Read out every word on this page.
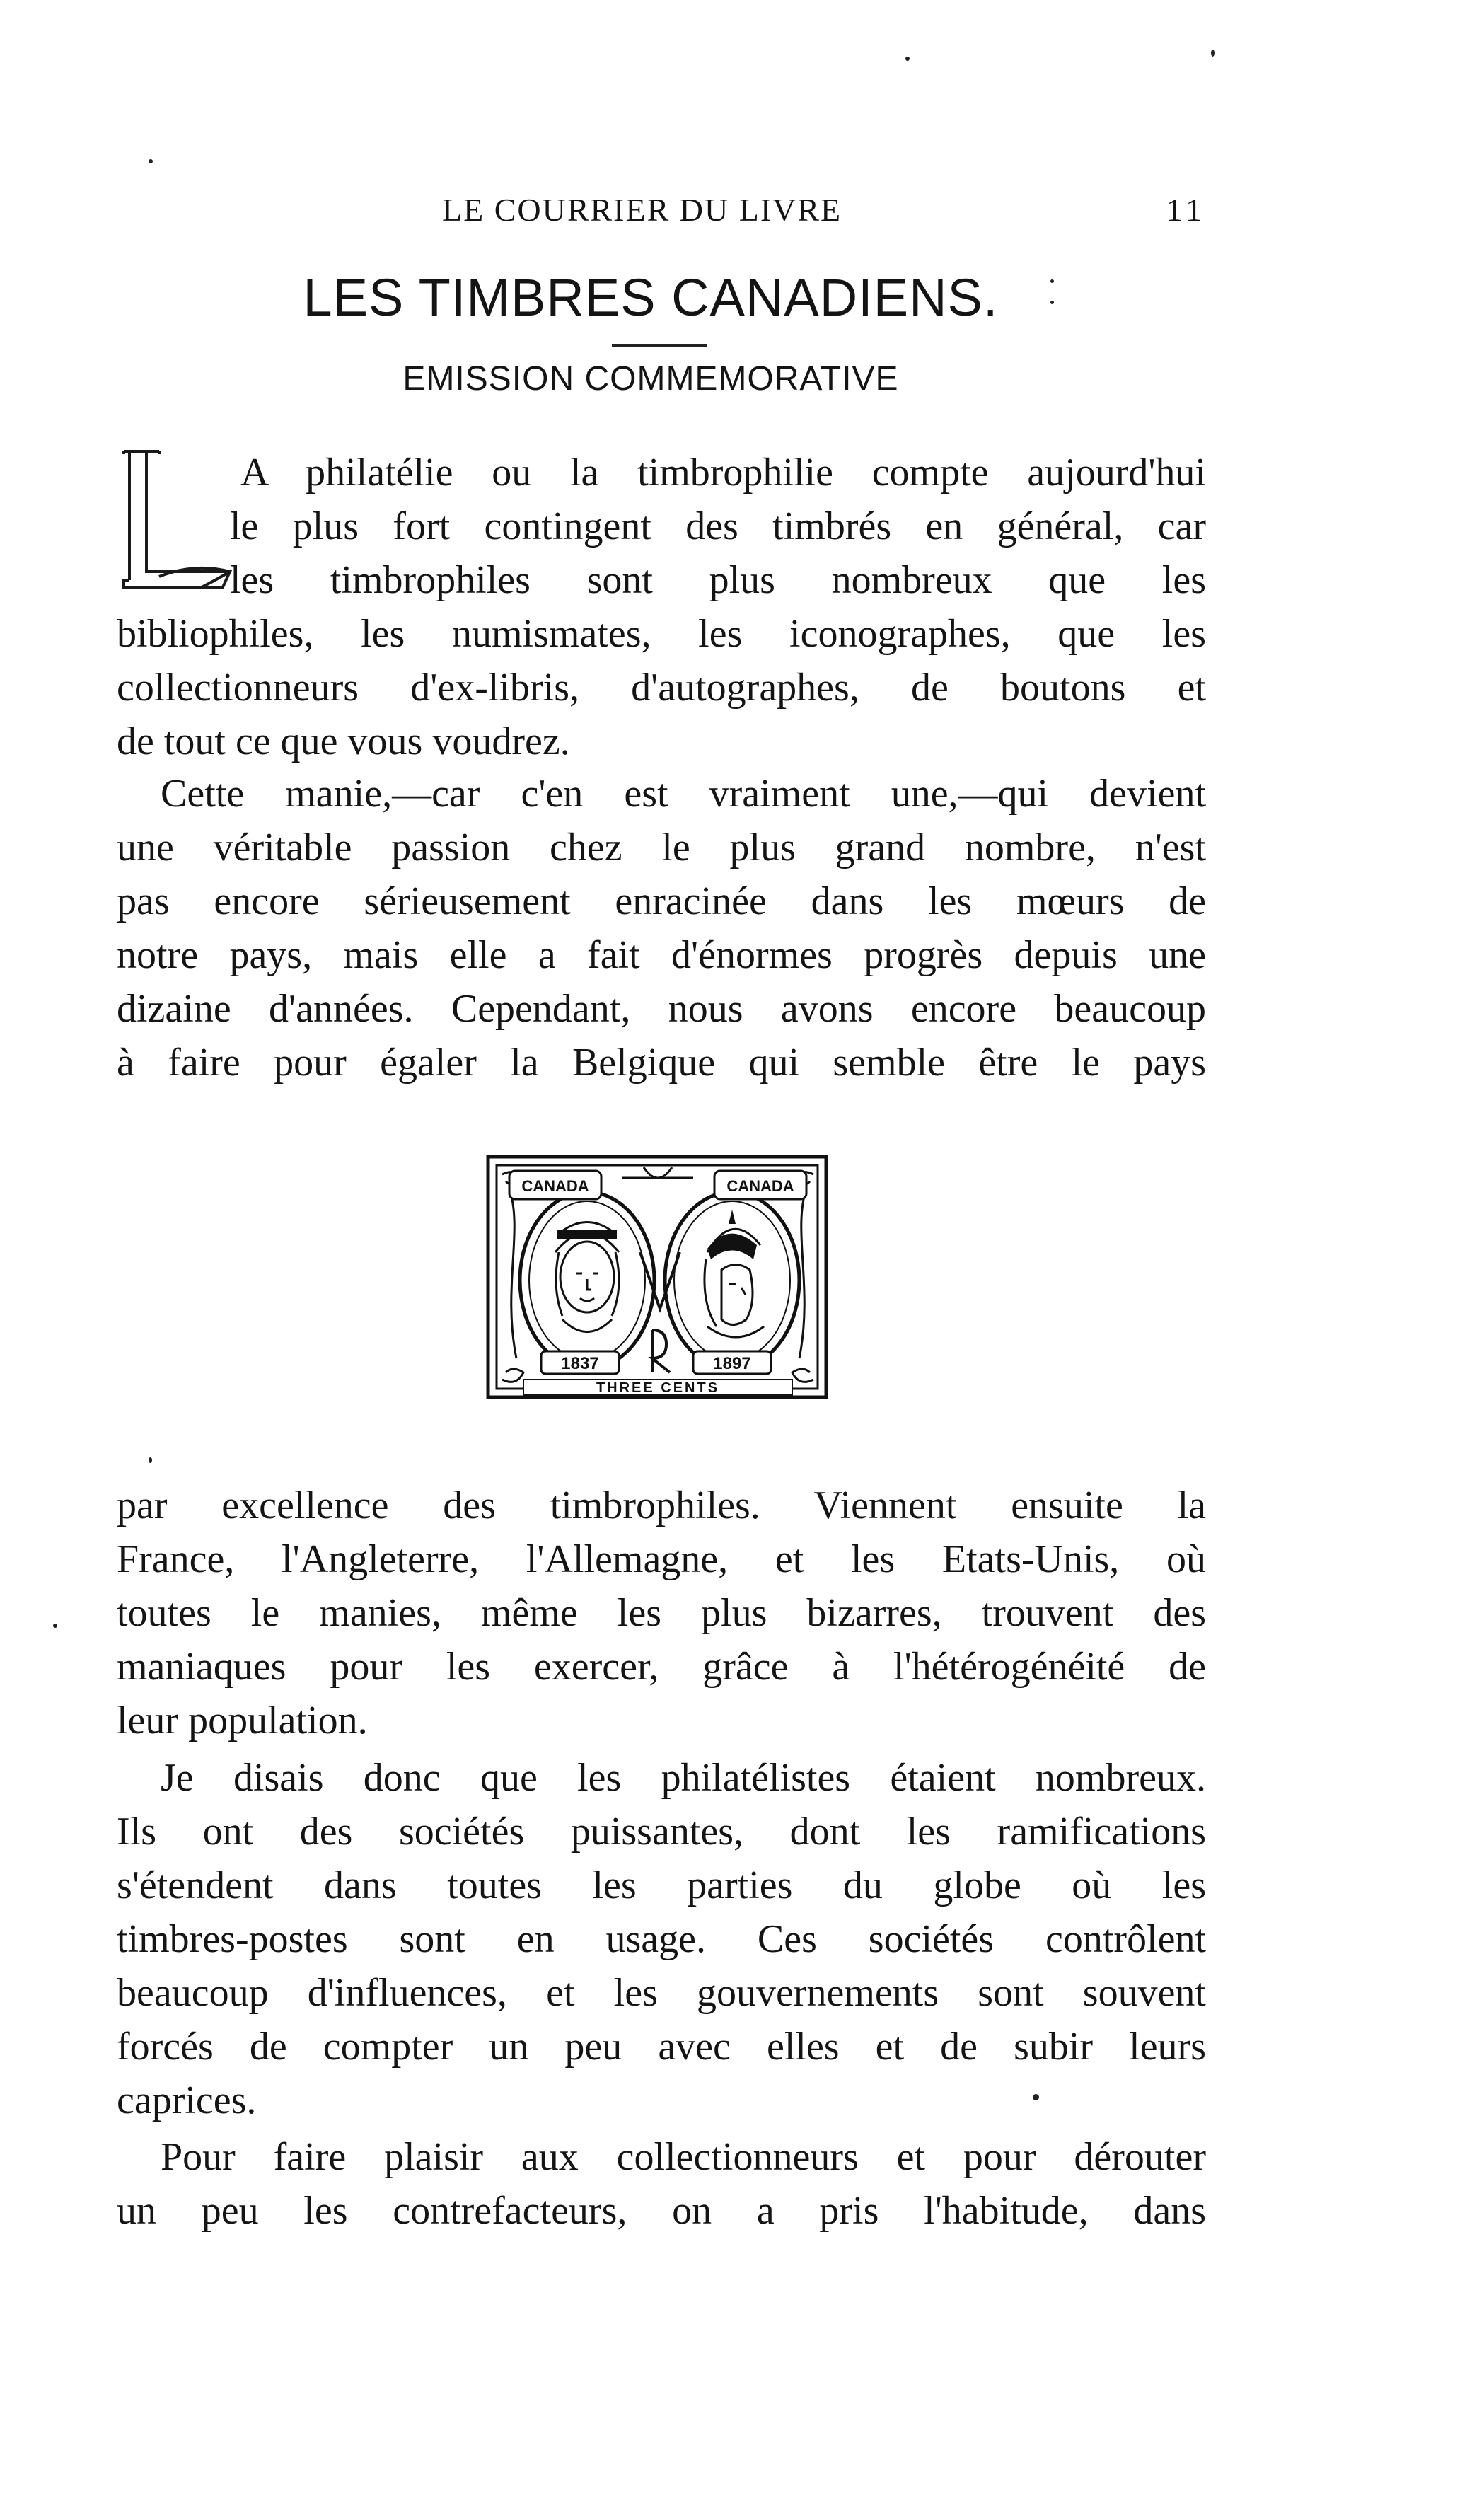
LE COURRIER DU LIVRE	11
LES TIMBRES CANADIENS.
EMISSION COMMEMORATIVE
L
A philatélie ou la timbrophilie compte aujourd'hui
le plus fort contingent des timbrés en général, car
les timbrophiles sont plus nombreux que les
bibliophiles, les numismates, les iconographes, que les
collectionneurs d'ex-libris, d'autographes, de boutons et
de tout ce que vous voudrez.
Cette manie,—car c'en est vraiment une,—qui devient
une véritable passion chez le plus grand nombre, n'est
pas encore sérieusement enracinée dans les mœurs de
notre pays, mais elle a fait d'énormes progrès depuis une
dizaine d'années. Cependant, nous avons encore beaucoup
à faire pour égaler la Belgique qui semble être le pays
CANADA	CANADA
1837	1897
THREE CENTS
par excellence des timbrophiles. Viennent ensuite la
France, l'Angleterre, l'Allemagne, et les Etats-Unis, où
toutes le manies, même les plus bizarres, trouvent des
maniaques pour les exercer, grâce à l'hétérogénéité de
leur population.
Je disais donc que les philatélistes étaient nombreux.
Ils ont des sociétés puissantes, dont les ramifications
s'étendent dans toutes les parties du globe où les
timbres-postes sont en usage. Ces sociétés contrôlent
beaucoup d'influences, et les gouvernements sont souvent
forcés de compter un peu avec elles et de subir leurs
caprices.
Pour faire plaisir aux collectionneurs et pour dérouter
un peu les contrefacteurs, on a pris l'habitude, dans
